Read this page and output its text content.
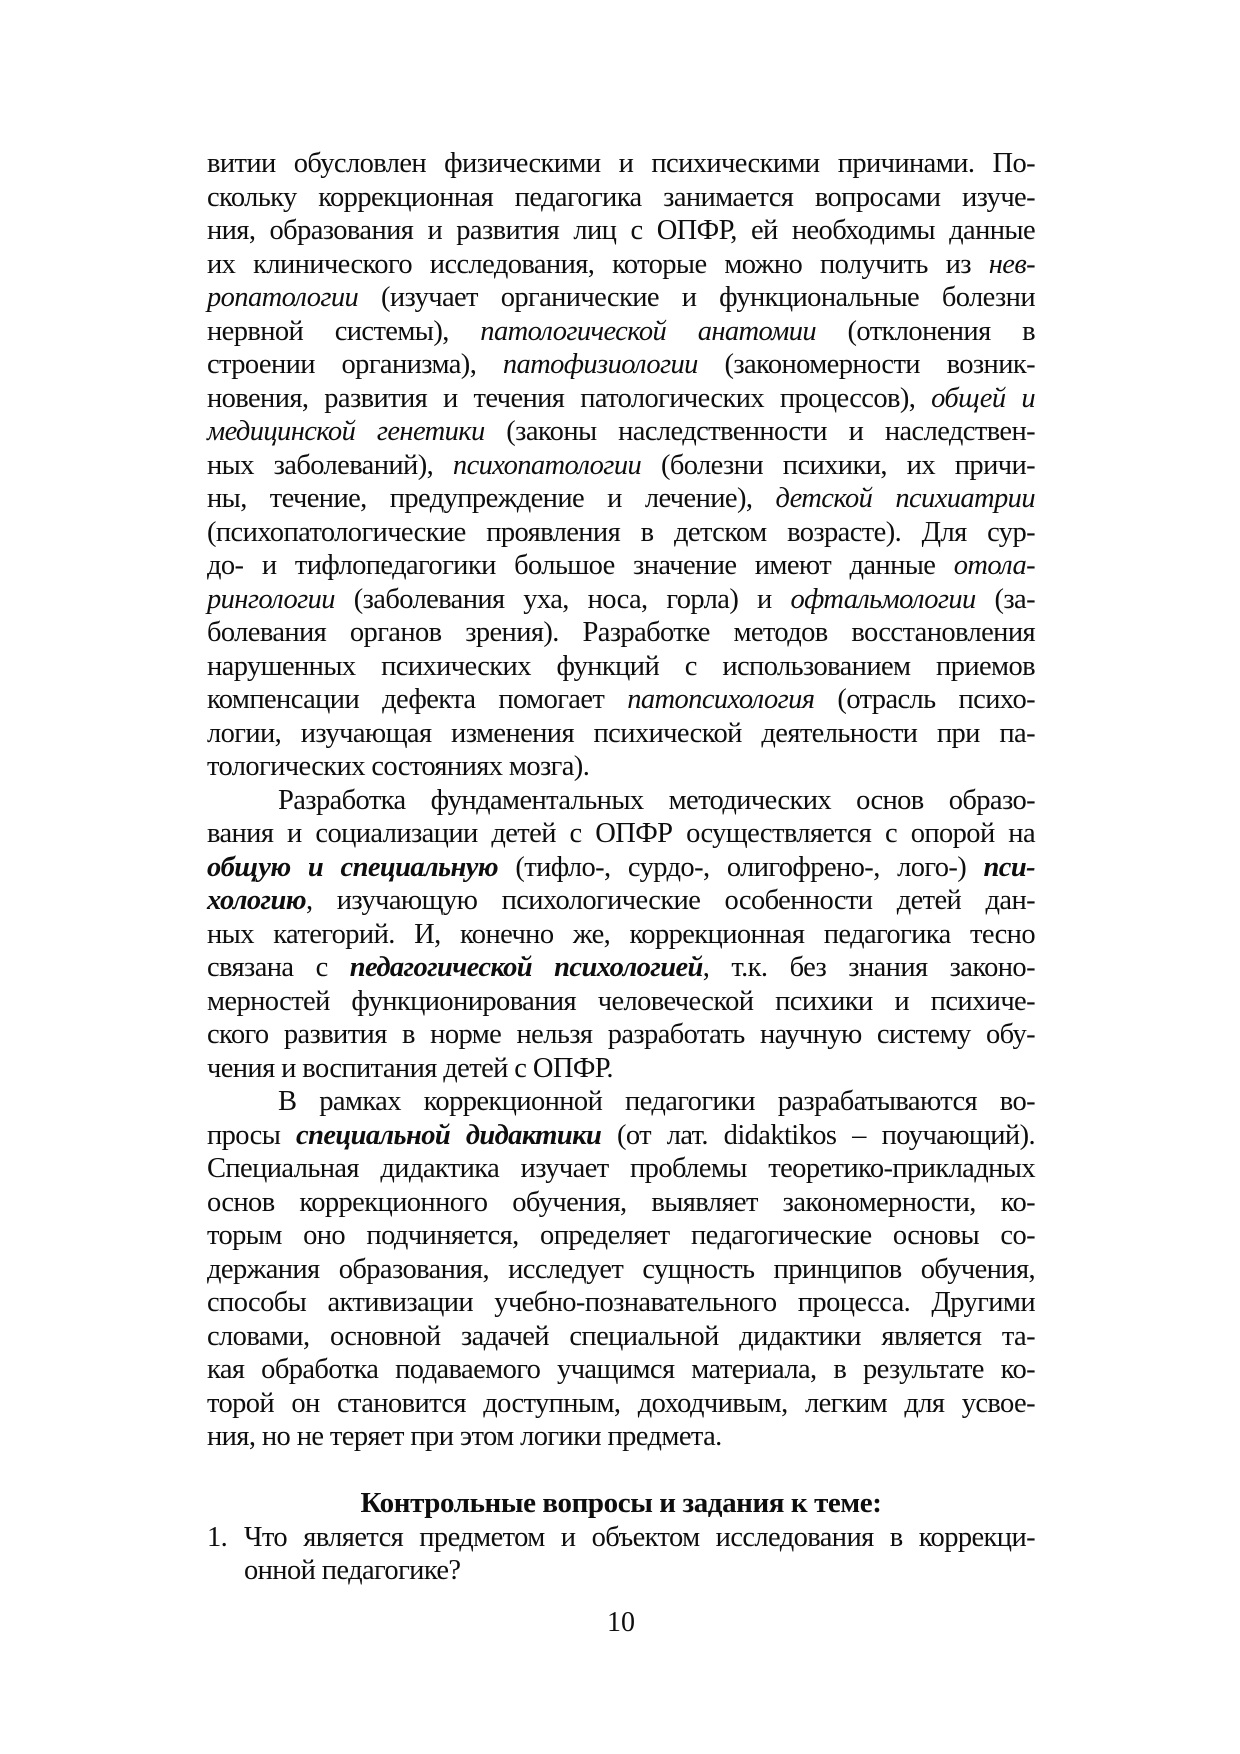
витии обусловлен физическими и психическими причинами. По-
скольку коррекционная педагогика занимается вопросами изуче-
ния, образования и развития лиц с ОПФР, ей необходимы данные
их клинического исследования, которые можно получить из нев-
ропатологии (изучает органические и функциональные болезни
нервной системы), патологической анатомии (отклонения в
строении организма), патофизиологии (закономерности возник-
новения, развития и течения патологических процессов), общей и
медицинской генетики (законы наследственности и наследствен-
ных заболеваний), психопатологии (болезни психики, их причи-
ны, течение, предупреждение и лечение), детской психиатрии
(психопатологические проявления в детском возрасте). Для сур-
до- и тифлопедагогики большое значение имеют данные отола-
рингологии (заболевания уха, носа, горла) и офтальмологии (за-
болевания органов зрения). Разработке методов восстановления
нарушенных психических функций с использованием приемов
компенсации дефекта помогает патопсихология (отрасль психо-
логии, изучающая изменения психической деятельности при па-
тологических состояниях мозга).
Разработка фундаментальных методических основ образо-
вания и социализации детей с ОПФР осуществляется с опорой на
общую и специальную (тифло-, сурдо-, олигофрено-, лого-) пси-
хологию, изучающую психологические особенности детей дан-
ных категорий. И, конечно же, коррекционная педагогика тесно
связана с педагогической психологией, т.к. без знания законо-
мерностей функционирования человеческой психики и психиче-
ского развития в норме нельзя разработать научную систему обу-
чения и воспитания детей с ОПФР.
В рамках коррекционной педагогики разрабатываются во-
просы специальной дидактики (от лат. didaktikos – поучающий).
Специальная дидактика изучает проблемы теоретико-прикладных
основ коррекционного обучения, выявляет закономерности, ко-
торым оно подчиняется, определяет педагогические основы со-
держания образования, исследует сущность принципов обучения,
способы активизации учебно-познавательного процесса. Другими
словами, основной задачей специальной дидактики является та-
кая обработка подаваемого учащимся материала, в результате ко-
торой он становится доступным, доходчивым, легким для усвое-
ния, но не теряет при этом логики предмета.
Контрольные вопросы и задания к теме:
1. Что является предметом и объектом исследования в коррекци-
онной педагогике?
10
